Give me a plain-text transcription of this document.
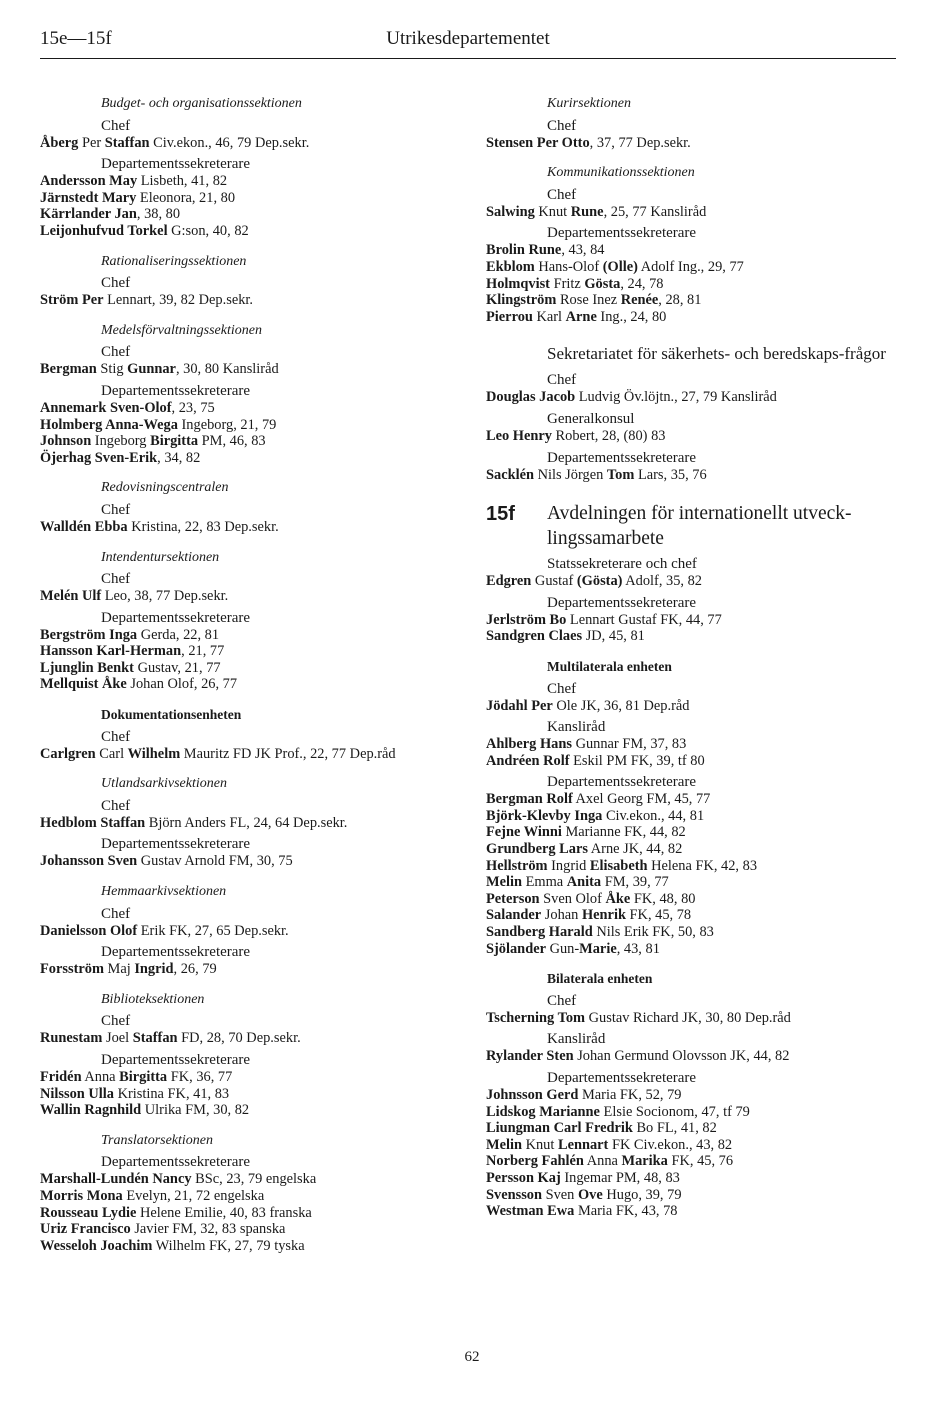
15e—15f	Utrikesdepartementet
Budget- och organisationssektionen
Chef
Åberg Per Staffan Civ.ekon., 46, 79 Dep.sekr.
Departementssekreterare
Andersson May Lisbeth, 41, 82
Järnstedt Mary Eleonora, 21, 80
Kärrlander Jan, 38, 80
Leijonhufvud Torkel G:son, 40, 82
Rationaliseringssektionen
Chef
Ström Per Lennart, 39, 82 Dep.sekr.
Medelsförvaltningssektionen
Chef
Bergman Stig Gunnar, 30, 80 Kanslіråd
Departementssekreterare
Annemark Sven-Olof, 23, 75
Holmberg Anna-Wega Ingeborg, 21, 79
Johnson Ingeborg Birgitta PM, 46, 83
Öjerhag Sven-Erik, 34, 82
Redovisningscentralen
Chef
Walldén Ebba Kristina, 22, 83 Dep.sekr.
Intendentursektionen
Chef
Melén Ulf Leo, 38, 77 Dep.sekr.
Departementssekreterare
Bergström Inga Gerda, 22, 81
Hansson Karl-Herman, 21, 77
Ljunglin Benkt Gustav, 21, 77
Mellquist Åke Johan Olof, 26, 77
Dokumentationsenheten
Chef
Carlgren Carl Wilhelm Mauritz FD JK Prof., 22, 77 Dep.råd
Utlandsarkivsektionen
Chef
Hedblom Staffan Björn Anders FL, 24, 64 Dep.sekr.
Departementssekreterare
Johansson Sven Gustav Arnold FM, 30, 75
Hemmaarkivsektionen
Chef
Danielsson Olof Erik FK, 27, 65 Dep.sekr.
Departementssekreterare
Forsström Maj Ingrid, 26, 79
Biblioteksektionen
Chef
Runestam Joel Staffan FD, 28, 70 Dep.sekr.
Departementssekreterare
Fridén Anna Birgitta FK, 36, 77
Nilsson Ulla Kristina FK, 41, 83
Wallin Ragnhild Ulrika FM, 30, 82
Translatorsektionen
Departementssekreterare
Marshall-Lundén Nancy BSc, 23, 79 engelska
Morris Mona Evelyn, 21, 72 engelska
Rousseau Lydie Helene Emilie, 40, 83 franska
Uriz Francisco Javier FM, 32, 83 spanska
Wesseloh Joachim Wilhelm FK, 27, 79 tyska
Kurirsektionen
Chef
Stensen Per Otto, 37, 77 Dep.sekr.
Kommunikationssektionen
Chef
Salwing Knut Rune, 25, 77 Kanslіråd
Departementssekreterare
Brolin Rune, 43, 84
Ekblom Hans-Olof (Olle) Adolf Ing., 29, 77
Holmqvist Fritz Gösta, 24, 78
Klingström Rose Inez Renée, 28, 81
Pierrou Karl Arne Ing., 24, 80
Sekretariatet för säkerhets- och beredskaps-frågor
Chef
Douglas Jacob Ludvig Öv.löjtn., 27, 79 Kanslіråd
Generalkonsul
Leo Henry Robert, 28, (80) 83
Departementssekreterare
Sacklén Nils Jörgen Tom Lars, 35, 76
15f Avdelningen för internationellt utveck-lingssamarbete
Statssekreterare och chef
Edgren Gustaf (Gösta) Adolf, 35, 82
Departementssekreterare
Jerlström Bo Lennart Gustaf FK, 44, 77
Sandgren Claes JD, 45, 81
Multilaterala enheten
Chef
Jödahl Per Ole JK, 36, 81 Dep.råd
Kanslіråd
Ahlberg Hans Gunnar FM, 37, 83
Andréen Rolf Eskil PM FK, 39, tf 80
Departementssekreterare
Bergman Rolf Axel Georg FM, 45, 77
Björk-Klevby Inga Civ.ekon., 44, 81
Fejne Winni Marianne FK, 44, 82
Grundberg Lars Arne JK, 44, 82
Hellström Ingrid Elisabeth Helena FK, 42, 83
Melin Emma Anita FM, 39, 77
Peterson Sven Olof Åke FK, 48, 80
Salander Johan Henrik FK, 45, 78
Sandberg Harald Nils Erik FK, 50, 83
Sjölander Gun-Marie, 43, 81
Bilaterala enheten
Chef
Tscherning Tom Gustav Richard JK, 30, 80 Dep.råd
Kanslіråd
Rylander Sten Johan Germund Olovsson JK, 44, 82
Departementssekreterare
Johnsson Gerd Maria FK, 52, 79
Lidskog Marianne Elsie Socionom, 47, tf 79
Liungman Carl Fredrik Bo FL, 41, 82
Melin Knut Lennart FK Civ.ekon., 43, 82
Norberg Fahlén Anna Marika FK, 45, 76
Persson Kaj Ingemar PM, 48, 83
Svensson Sven Ove Hugo, 39, 79
Westman Ewa Maria FK, 43, 78
62
